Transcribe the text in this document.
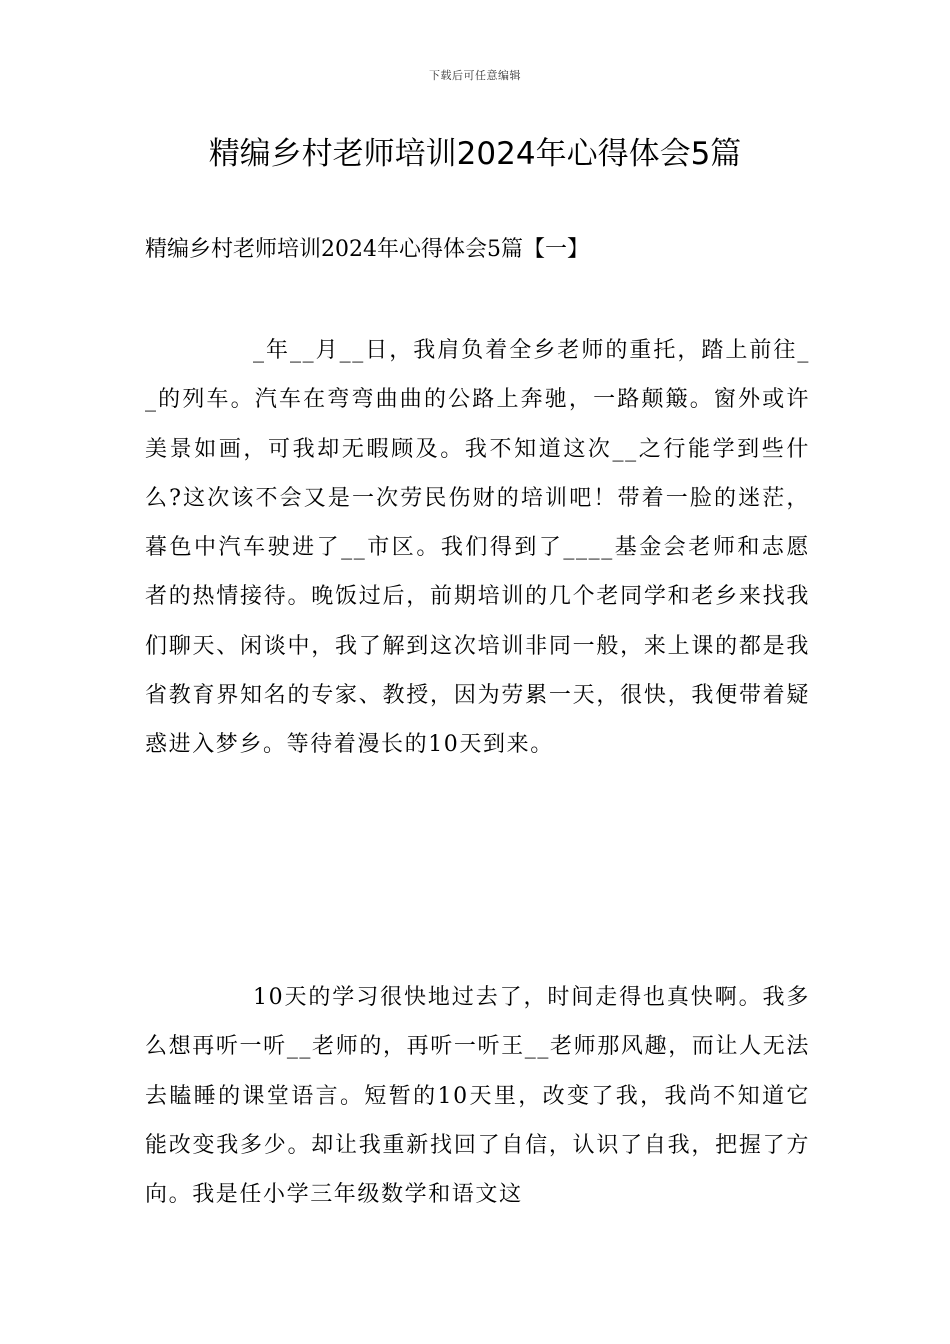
下载后可任意编辑
精编乡村老师培训2024年心得体会5篇
精编乡村老师培训2024年心得体会5篇【一】
_年__月__日，我肩负着全乡老师的重托，踏上前往__的列车。汽车在弯弯曲曲的公路上奔驰，一路颠簸。窗外或许美景如画，可我却无暇顾及。我不知道这次__之行能学到些什么?这次该不会又是一次劳民伤财的培训吧！带着一脸的迷茫，暮色中汽车驶进了__市区。我们得到了____基金会老师和志愿者的热情接待。晚饭过后，前期培训的几个老同学和老乡来找我们聊天、闲谈中，我了解到这次培训非同一般，来上课的都是我省教育界知名的专家、教授，因为劳累一天，很快，我便带着疑惑进入梦乡。等待着漫长的10天到来。
10天的学习很快地过去了，时间走得也真快啊。我多么想再听一听__老师的，再听一听王__老师那风趣，而让人无法去瞌睡的课堂语言。短暂的10天里，改变了我，我尚不知道它能改变我多少。却让我重新找回了自信，认识了自我，把握了方向。我是任小学三年级数学和语文这
